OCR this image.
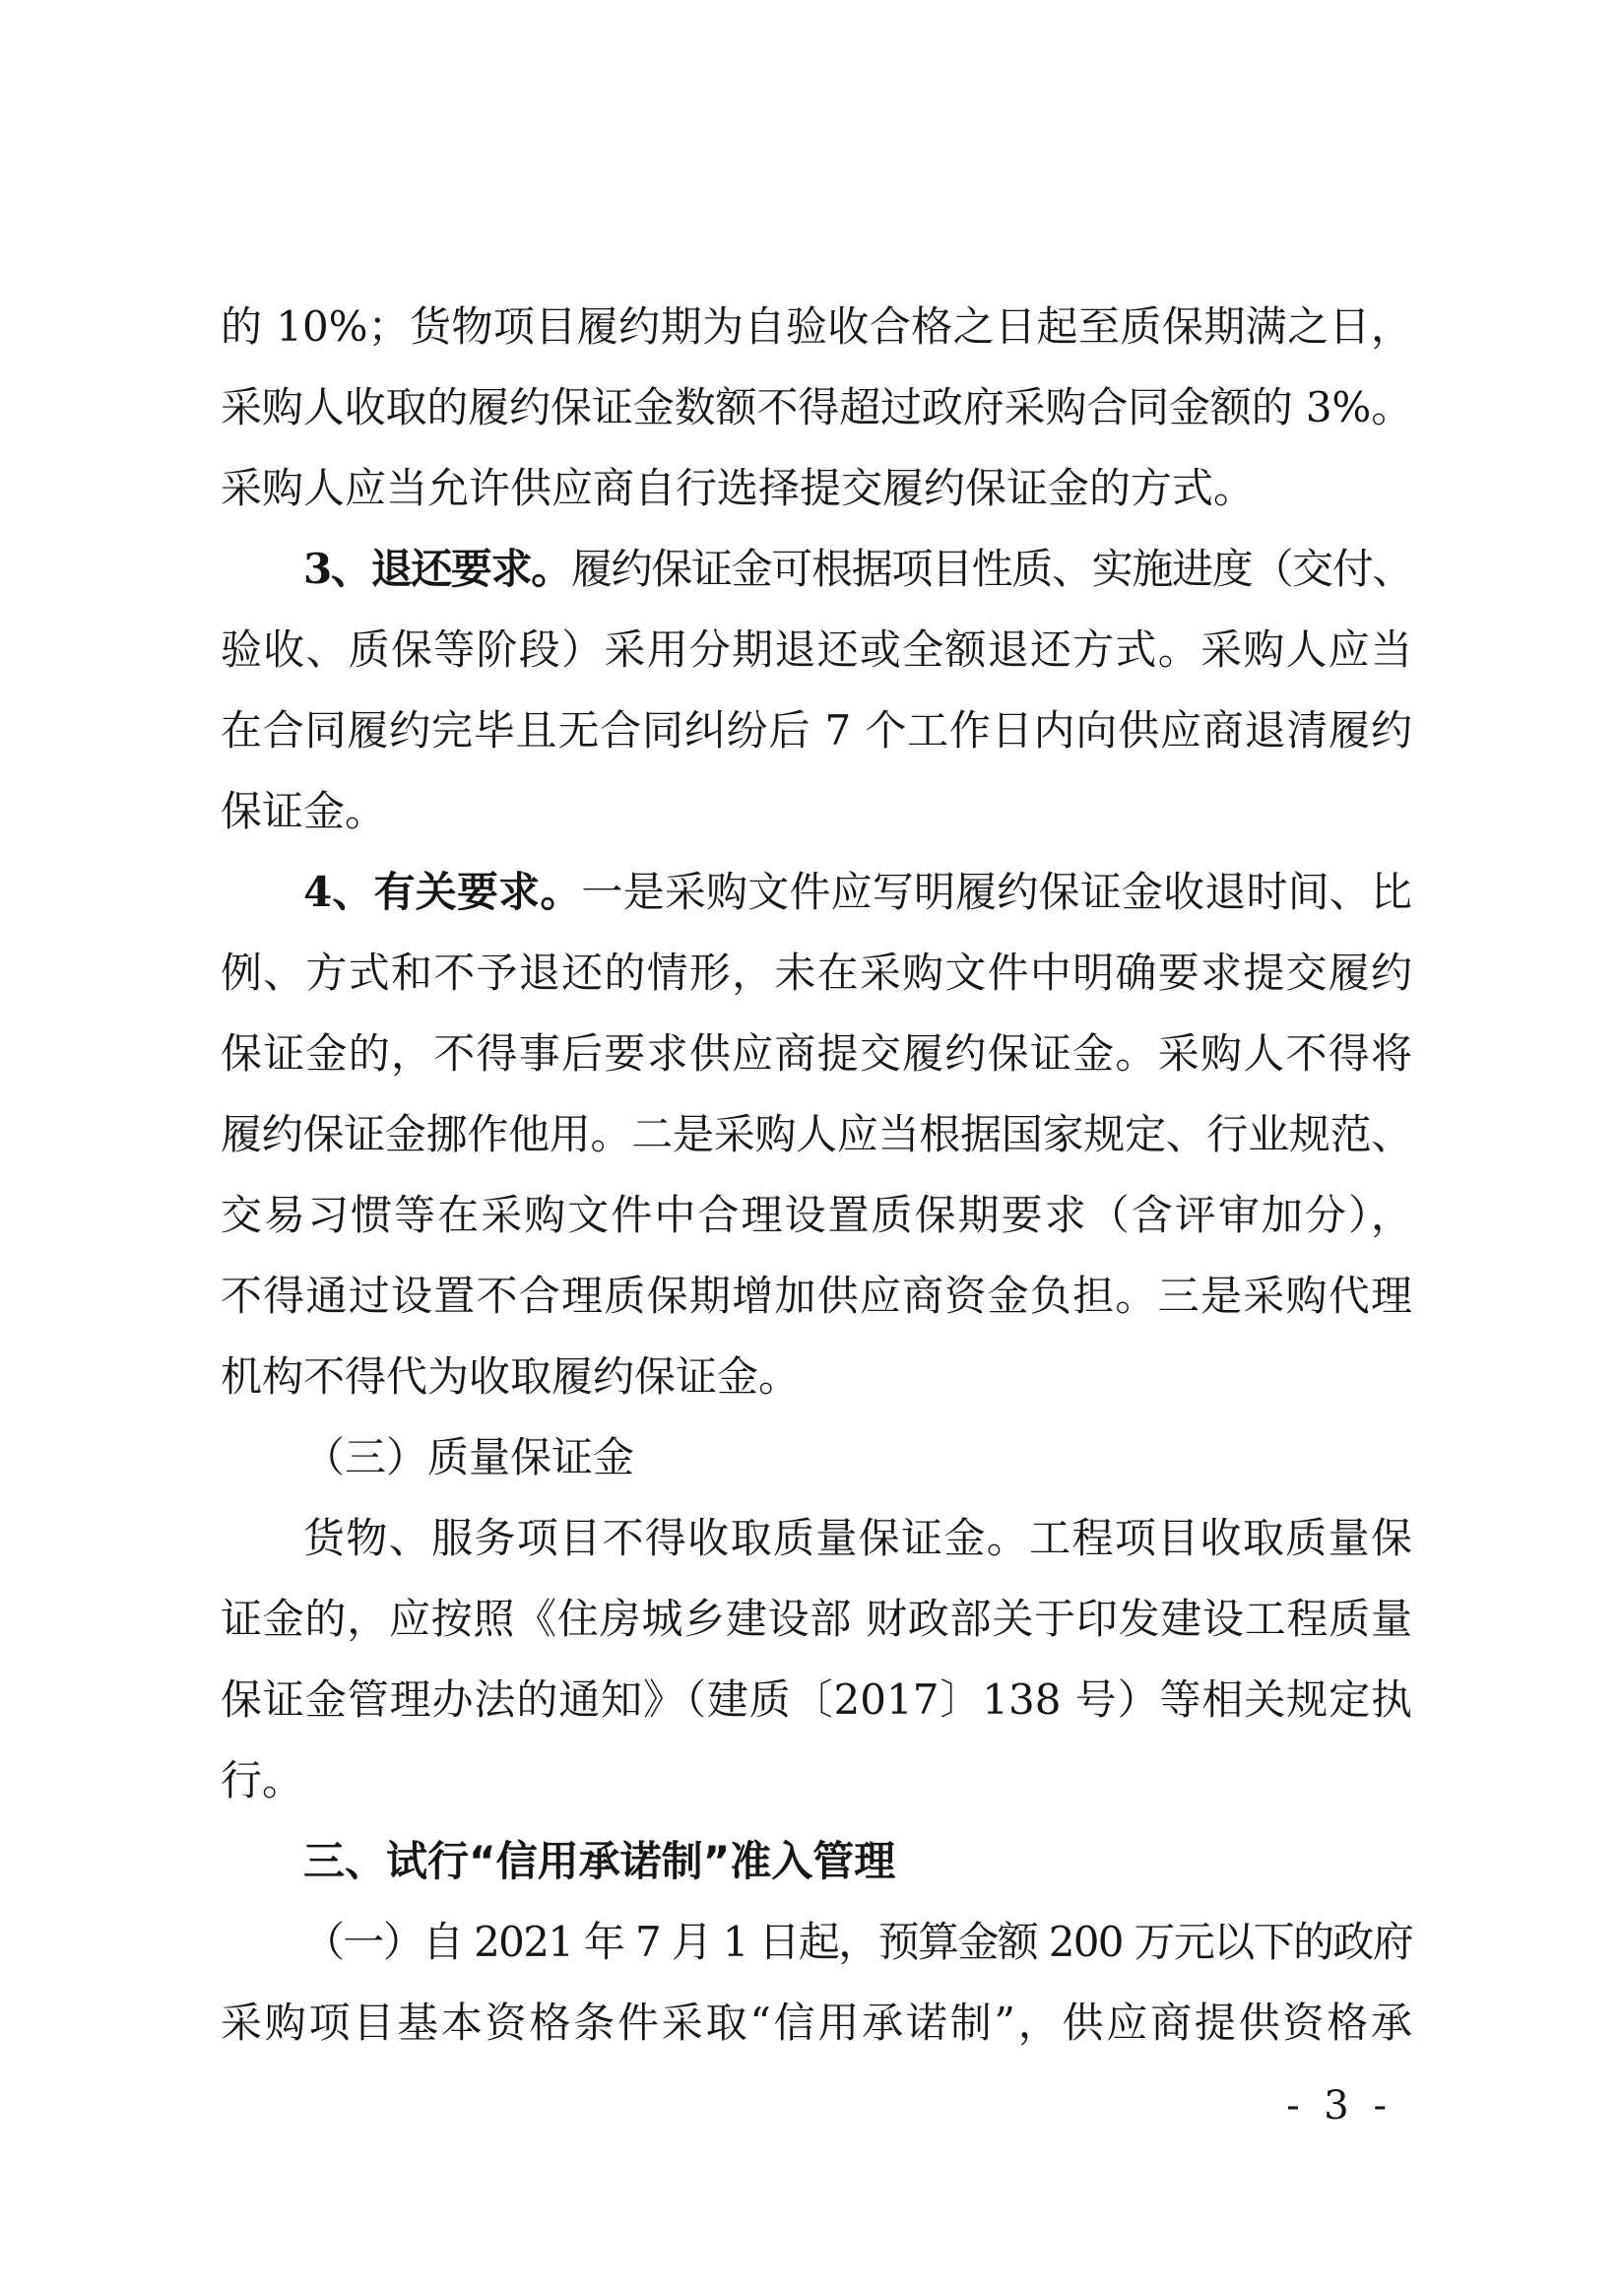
的 10%；货物项目履约期为自验收合格之日起至质保期满之日，
采购人收取的履约保证金数额不得超过政府采购合同金额的 3%。
采购人应当允许供应商自行选择提交履约保证金的方式。
3、退还要求。履约保证金可根据项目性质、实施进度（交付、
验收、质保等阶段）采用分期退还或全额退还方式。采购人应当
在合同履约完毕且无合同纠纷后 7 个工作日内向供应商退清履约
保证金。
4、有关要求。一是采购文件应写明履约保证金收退时间、比
例、方式和不予退还的情形，未在采购文件中明确要求提交履约
保证金的，不得事后要求供应商提交履约保证金。采购人不得将
履约保证金挪作他用。二是采购人应当根据国家规定、行业规范、
交易习惯等在采购文件中合理设置质保期要求（含评审加分），
不得通过设置不合理质保期增加供应商资金负担。三是采购代理
机构不得代为收取履约保证金。
（三）质量保证金
货物、服务项目不得收取质量保证金。工程项目收取质量保
证金的，应按照《住房城乡建设部 财政部关于印发建设工程质量
保证金管理办法的通知》（建质〔2017〕138 号）等相关规定执
行。
三、试行“信用承诺制”准入管理
（一）自 2021 年 7 月 1 日起，预算金额 200 万元以下的政府
采购项目基本资格条件采取“信用承诺制”，供应商提供资格承
- 3 -
